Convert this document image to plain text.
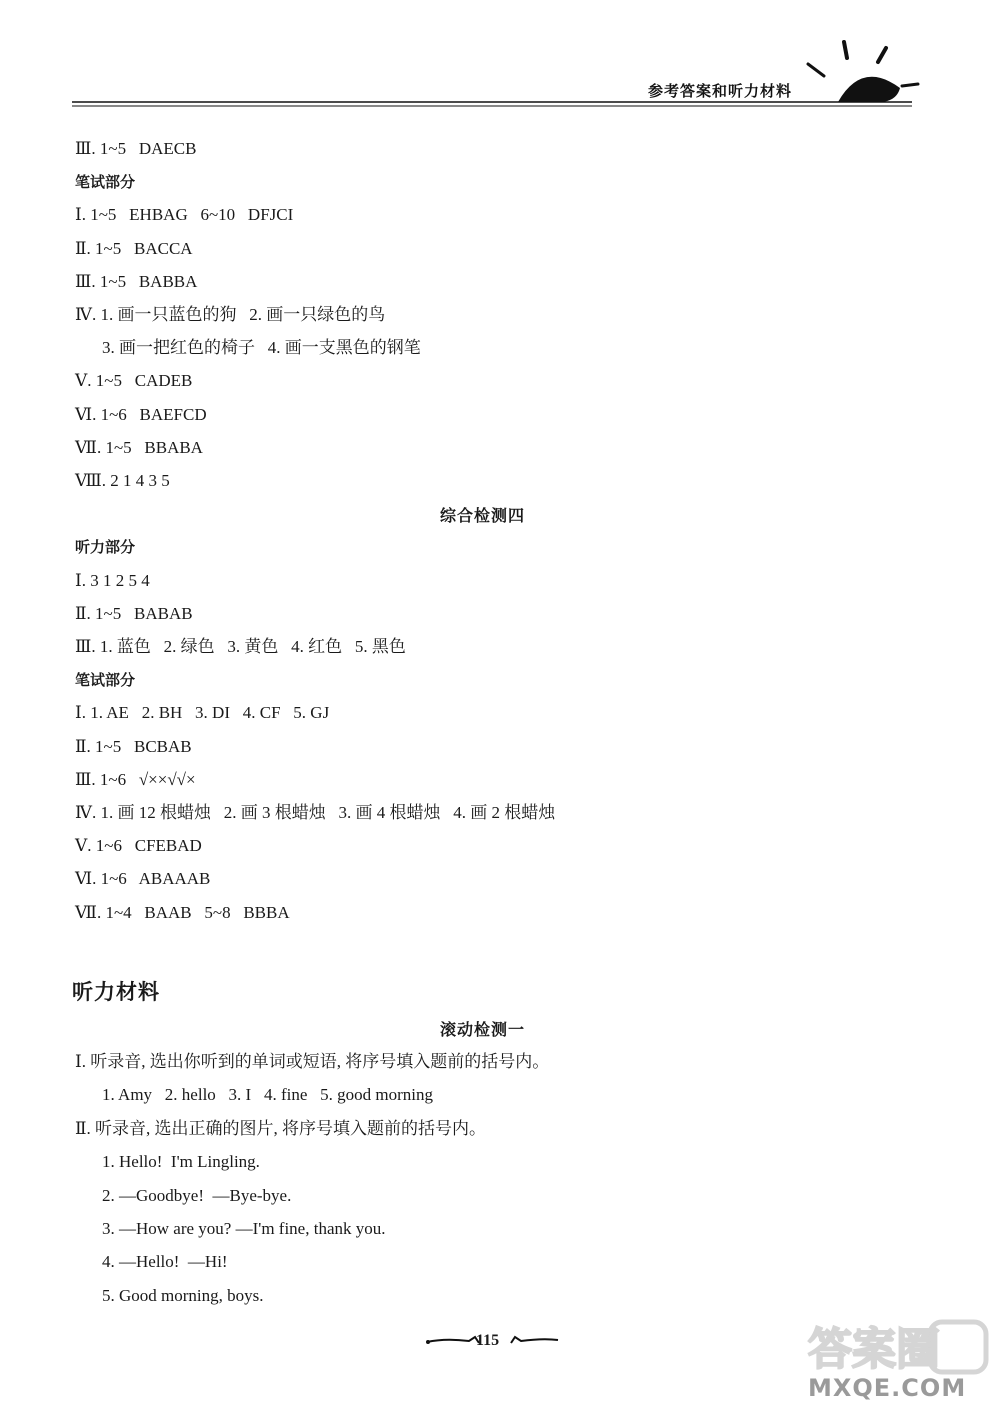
参考答案和听力材料
Ⅲ. 1~5   DAECB
笔试部分
Ⅰ. 1~5   EHBAG   6~10   DFJCI
Ⅱ. 1~5   BACCA
Ⅲ. 1~5   BABBA
Ⅳ. 1. 画一只蓝色的狗   2. 画一只绿色的鸟
3. 画一把红色的椅子   4. 画一支黑色的钢笔
Ⅴ. 1~5   CADEB
Ⅵ. 1~6   BAEFCD
Ⅶ. 1~5   BBABA
Ⅷ. 2 1 4 3 5
综合检测四
听力部分
Ⅰ. 3 1 2 5 4
Ⅱ. 1~5   BABAB
Ⅲ. 1. 蓝色   2. 绿色   3. 黄色   4. 红色   5. 黑色
笔试部分
Ⅰ. 1. AE   2. BH   3. DI   4. CF   5. GJ
Ⅱ. 1~5   BCBAB
Ⅲ. 1~6   √××√√×
Ⅳ. 1. 画 12 根蜡烛   2. 画 3 根蜡烛   3. 画 4 根蜡烛   4. 画 2 根蜡烛
Ⅴ. 1~6   CFEBAD
Ⅵ. 1~6   ABAAAB
Ⅶ. 1~4   BAAB   5~8   BBBA
听力材料
滚动检测一
Ⅰ. 听录音, 选出你听到的单词或短语, 将序号填入题前的括号内。
1. Amy   2. hello   3. I   4. fine   5. good morning
Ⅱ. 听录音, 选出正确的图片, 将序号填入题前的括号内。
1. Hello!  I'm Lingling.
2. —Goodbye!  —Bye-bye.
3. —How are you? —I'm fine, thank you.
4. —Hello!  —Hi!
5. Good morning, boys.
115	答案圈
MXQE.COM
